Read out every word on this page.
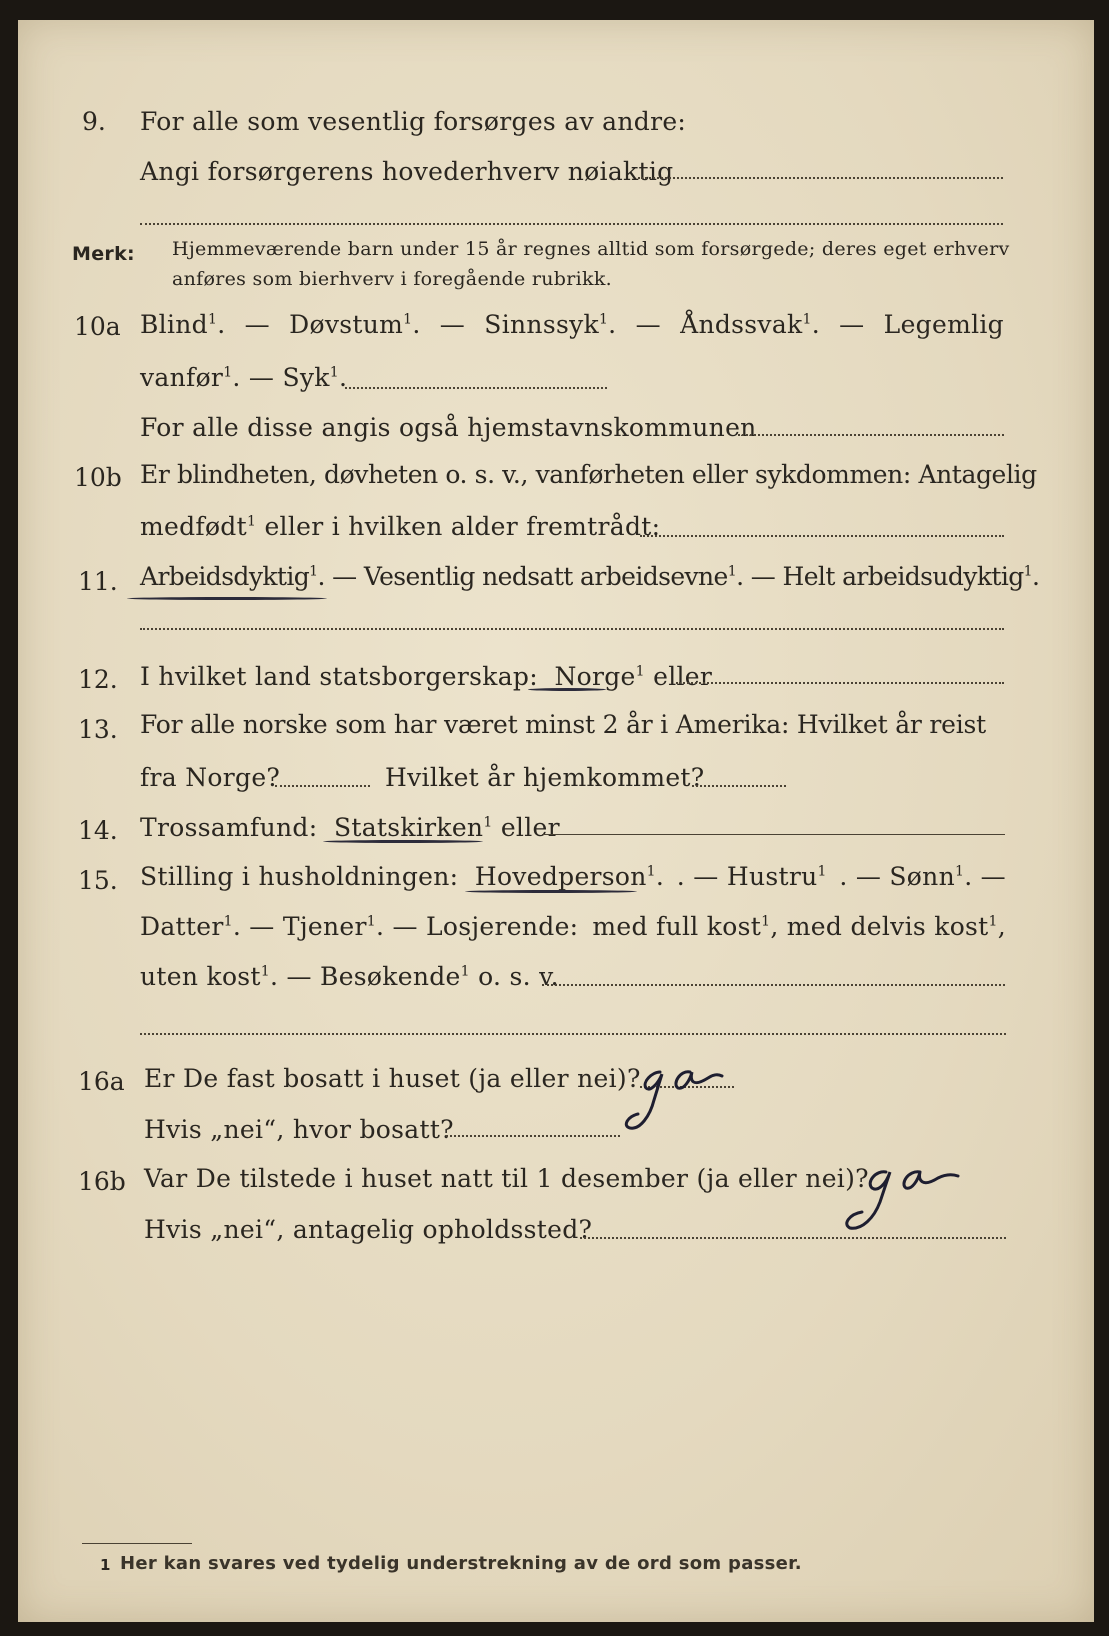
9. For alle som vesentlig forsørges av andre:
Angi forsørgerens hovederhverv nøiaktig
Merk: Hjemmeværende barn under 15 år regnes alltid som forsørgede; deres eget erhverv
anføres som bierhverv i foregående rubrikk.
10a Blind$^1$. — Døvstum$^1$. — Sinnssyk$^1$. — Åndssvak$^1$. — Legemlig
vanfør$^1$. — Syk$^1$.
For alle disse angis også hjemstavnskommunen
10b Er blindheten, døvheten o. s. v., vanførheten eller sykdommen: Antagelig
medfødt$^1$ eller i hvilken alder fremtrådt:
11. Arbeidsdyktig$^1$. — Vesentlig nedsatt arbeidsevne$^1$. — Helt arbeidsudyktig$^1$.
12. I hvilket land statsborgerskap: Norge$^1$ eller
13. For alle norske som har været minst 2 år i Amerika: Hvilket år reist
fra Norge?	Hvilket år hjemkommet?
14. Trossamfund: Statskirken$^1$ eller
15. Stilling i husholdningen: Hovedperson$^1$. . — Hustru$^1$ . — Sønn$^1$. —
Datter$^1$. — Tjener$^1$. — Losjerende: med full kost$^1$, med delvis kost$^1$,
uten kost$^1$. — Besøkende$^1$ o. s. v.
16a Er De fast bosatt i huset (ja eller nei)?
Hvis „nei“, hvor bosatt?
16b Var De tilstede i huset natt til 1 desember (ja eller nei)?
Hvis „nei“, antagelig opholdssted?
1 Her kan svares ved tydelig understrekning av de ord som passer.
